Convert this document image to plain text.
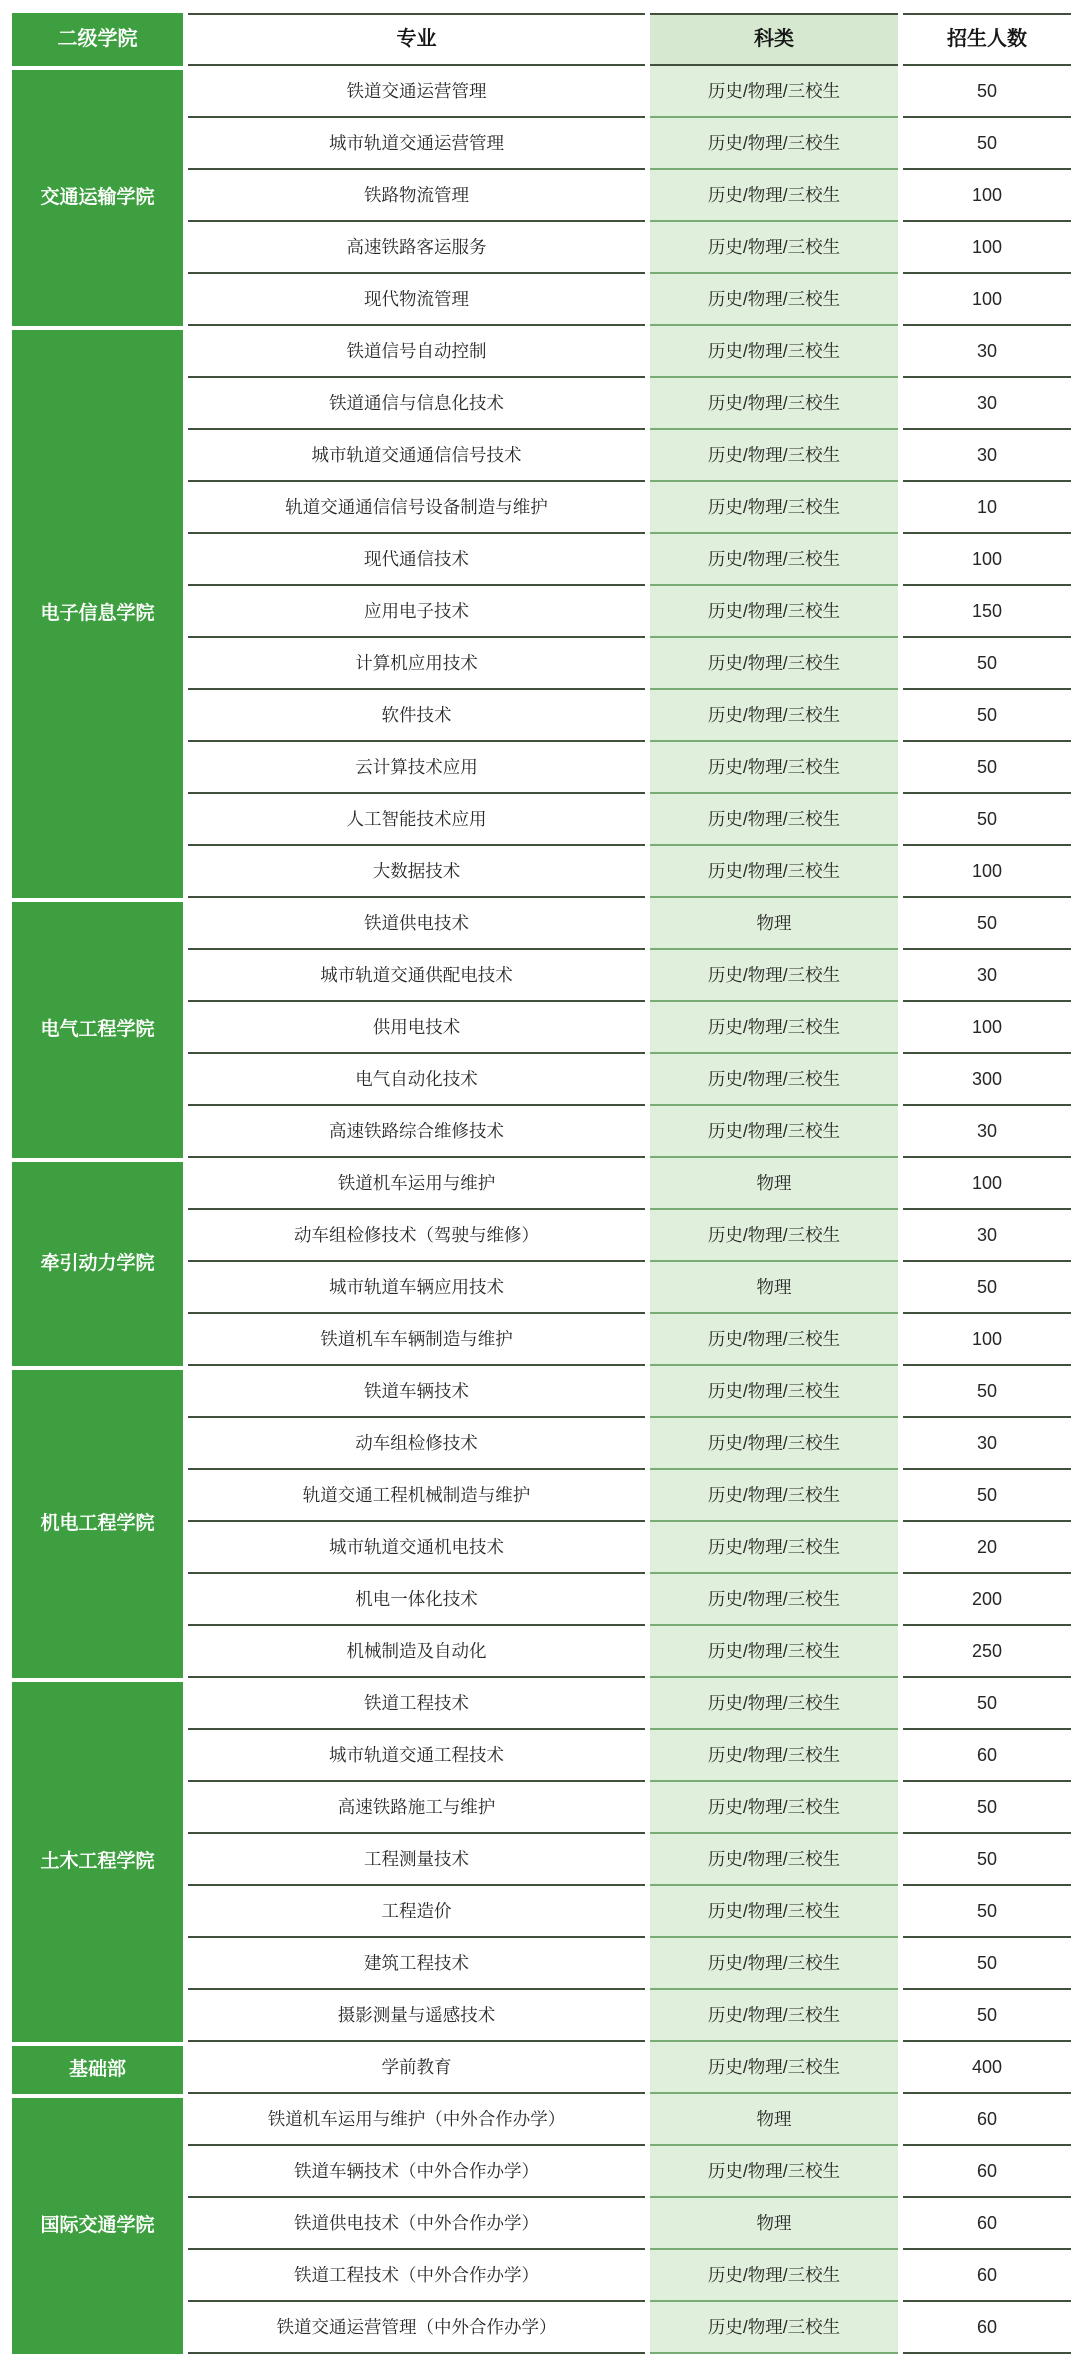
二级学院	专业	科类	招生人数
交通运输学院
铁道交通运营管理	历史/物理/三校生	50
城市轨道交通运营管理	历史/物理/三校生	50
铁路物流管理	历史/物理/三校生	100
高速铁路客运服务	历史/物理/三校生	100
现代物流管理	历史/物理/三校生	100
电子信息学院
铁道信号自动控制	历史/物理/三校生	30
铁道通信与信息化技术	历史/物理/三校生	30
城市轨道交通通信信号技术	历史/物理/三校生	30
轨道交通通信信号设备制造与维护	历史/物理/三校生	10
现代通信技术	历史/物理/三校生	100
应用电子技术	历史/物理/三校生	150
计算机应用技术	历史/物理/三校生	50
软件技术	历史/物理/三校生	50
云计算技术应用	历史/物理/三校生	50
人工智能技术应用	历史/物理/三校生	50
大数据技术	历史/物理/三校生	100
电气工程学院
铁道供电技术	物理	50
城市轨道交通供配电技术	历史/物理/三校生	30
供用电技术	历史/物理/三校生	100
电气自动化技术	历史/物理/三校生	300
高速铁路综合维修技术	历史/物理/三校生	30
牵引动力学院
铁道机车运用与维护	物理	100
动车组检修技术（驾驶与维修）	历史/物理/三校生	30
城市轨道车辆应用技术	物理	50
铁道机车车辆制造与维护	历史/物理/三校生	100
机电工程学院
铁道车辆技术	历史/物理/三校生	50
动车组检修技术	历史/物理/三校生	30
轨道交通工程机械制造与维护	历史/物理/三校生	50
城市轨道交通机电技术	历史/物理/三校生	20
机电一体化技术	历史/物理/三校生	200
机械制造及自动化	历史/物理/三校生	250
土木工程学院
铁道工程技术	历史/物理/三校生	50
城市轨道交通工程技术	历史/物理/三校生	60
高速铁路施工与维护	历史/物理/三校生	50
工程测量技术	历史/物理/三校生	50
工程造价	历史/物理/三校生	50
建筑工程技术	历史/物理/三校生	50
摄影测量与遥感技术	历史/物理/三校生	50
基础部	学前教育	历史/物理/三校生	400
国际交通学院
铁道机车运用与维护（中外合作办学）	物理	60
铁道车辆技术（中外合作办学）	历史/物理/三校生	60
铁道供电技术（中外合作办学）	物理	60
铁道工程技术（中外合作办学）	历史/物理/三校生	60
铁道交通运营管理（中外合作办学）	历史/物理/三校生	60
